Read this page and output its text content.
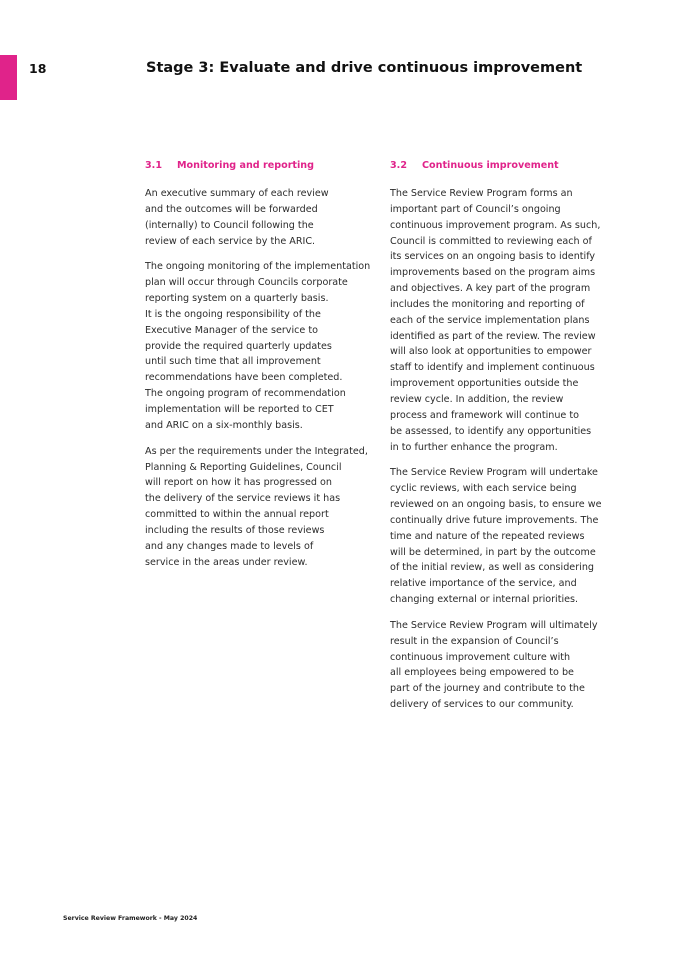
18	Stage 3: Evaluate and drive continuous improvement
3.1 Monitoring and reporting
An executive summary of each review
and the outcomes will be forwarded
(internally) to Council following the
review of each service by the ARIC.
The ongoing monitoring of the implementation
plan will occur through Councils corporate
reporting system on a quarterly basis.
It is the ongoing responsibility of the
Executive Manager of the service to
provide the required quarterly updates
until such time that all improvement
recommendations have been completed.
The ongoing program of recommendation
implementation will be reported to CET
and ARIC on a six-monthly basis.
As per the requirements under the Integrated,
Planning & Reporting Guidelines, Council
will report on how it has progressed on
the delivery of the service reviews it has
committed to within the annual report
including the results of those reviews
and any changes made to levels of
service in the areas under review.
3.2 Continuous improvement
The Service Review Program forms an
important part of Council’s ongoing
continuous improvement program. As such,
Council is committed to reviewing each of
its services on an ongoing basis to identify
improvements based on the program aims
and objectives. A key part of the program
includes the monitoring and reporting of
each of the service implementation plans
identified as part of the review. The review
will also look at opportunities to empower
staff to identify and implement continuous
improvement opportunities outside the
review cycle. In addition, the review
process and framework will continue to
be assessed, to identify any opportunities
in to further enhance the program.
The Service Review Program will undertake
cyclic reviews, with each service being
reviewed on an ongoing basis, to ensure we
continually drive future improvements. The
time and nature of the repeated reviews
will be determined, in part by the outcome
of the initial review, as well as considering
relative importance of the service, and
changing external or internal priorities.
The Service Review Program will ultimately
result in the expansion of Council’s
continuous improvement culture with
all employees being empowered to be
part of the journey and contribute to the
delivery of services to our community.
Service Review Framework - May 2024
